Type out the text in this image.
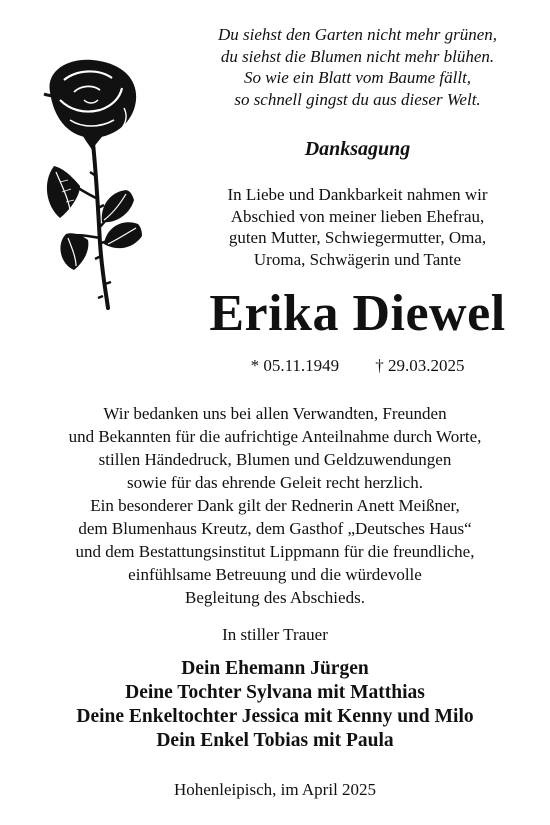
Du siehst den Garten nicht mehr grünen,
du siehst die Blumen nicht mehr blühen.
So wie ein Blatt vom Baume fällt,
so schnell gingst du aus dieser Welt.
Danksagung
In Liebe und Dankbarkeit nahmen wir
Abschied von meiner lieben Ehefrau,
guten Mutter, Schwiegermutter, Oma,
Uroma, Schwägerin und Tante
Erika Diewel
* 05.11.1949 † 29.03.2025
Wir bedanken uns bei allen Verwandten, Freunden
und Bekannten für die aufrichtige Anteilnahme durch Worte,
stillen Händedruck, Blumen und Geldzuwendungen
sowie für das ehrende Geleit recht herzlich.
Ein besonderer Dank gilt der Rednerin Anett Meißner,
dem Blumenhaus Kreutz, dem Gasthof „Deutsches Haus“
und dem Bestattungsinstitut Lippmann für die freundliche,
einfühlsame Betreuung und die würdevolle
Begleitung des Abschieds.
In stiller Trauer
Dein Ehemann Jürgen
Deine Tochter Sylvana mit Matthias
Deine Enkeltochter Jessica mit Kenny und Milo
Dein Enkel Tobias mit Paula
Hohenleipisch, im April 2025
